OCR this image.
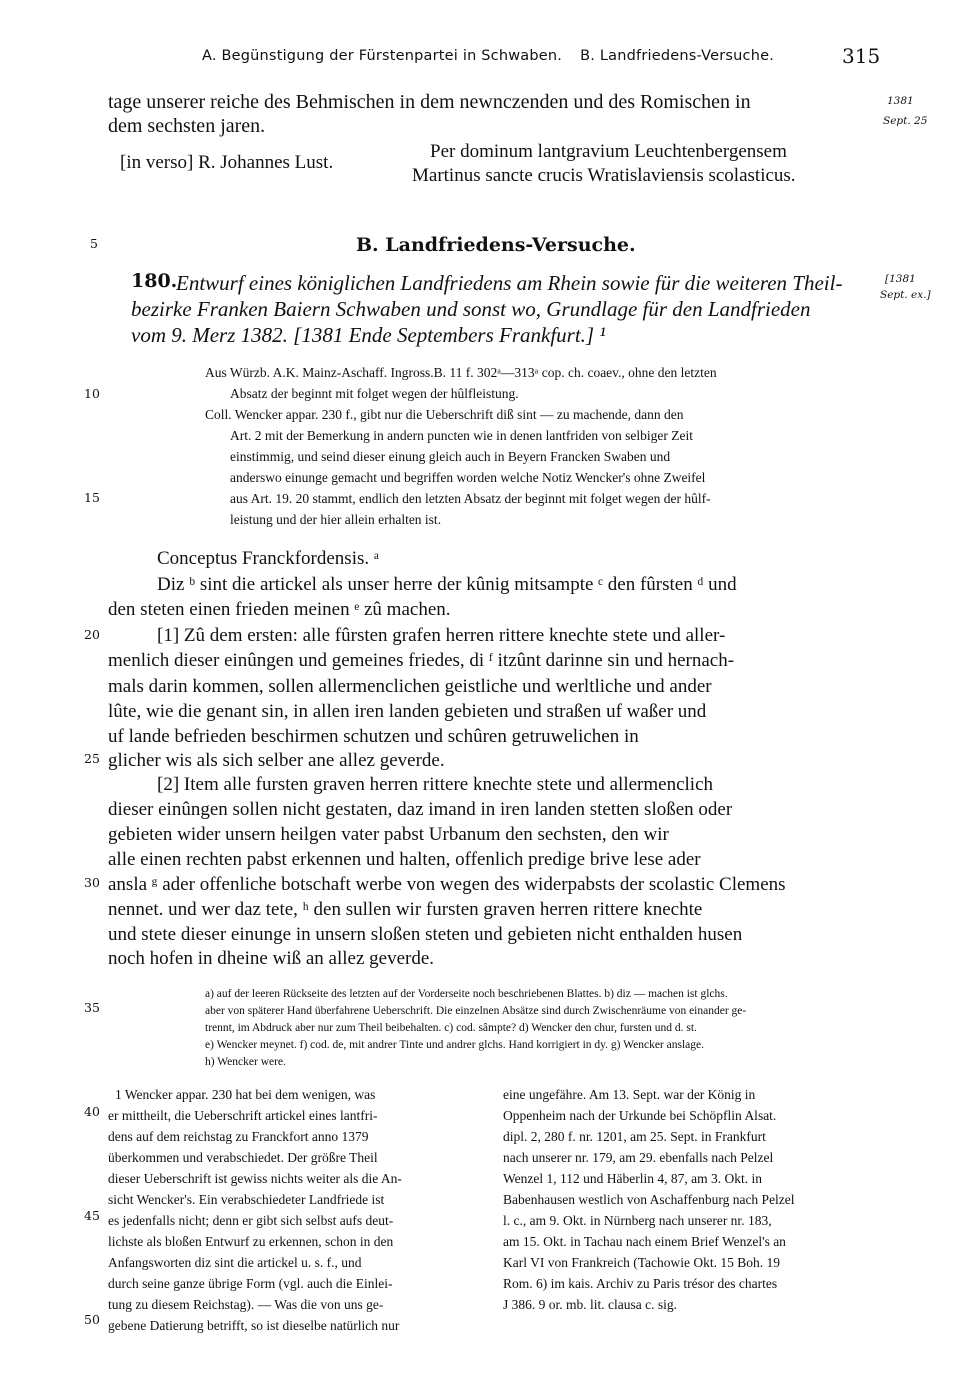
A. Begünstigung der Fürstenpartei in Schwaben. B. Landfriedens-Versuche.	315
tage unserer reiche des Behmischen in dem newnczenden und des Romischen in
dem sechsten jaren.
1381
Sept. 25
[in verso] R. Johannes Lust.
Per dominum lantgravium Leuchtenbergensem
Martinus sancte crucis Wratislaviensis scolasticus.
5
10
15
20
25
30
35
40
45
50
B. Landfriedens-Versuche.
180.
Entwurf eines königlichen Landfriedens am Rhein sowie für die weiteren Theil-
bezirke Franken Baiern Schwaben und sonst wo, Grundlage für den Landfrieden
vom 9. Merz 1382. [1381 Ende Septembers Frankfurt.] ¹
[1381
Sept. ex.]
Aus Würzb. A.K. Mainz-Aschaff. Ingross.B. 11 f. 302ᵃ—313ᵃ cop. ch. coaev., ohne den letzten
Absatz der beginnt mit folget wegen der hûlfleistung.
Coll. Wencker appar. 230 f., gibt nur die Ueberschrift diß sint — zu machende, dann den
Art. 2 mit der Bemerkung in andern puncten wie in denen lantfriden von selbiger Zeit
einstimmig, und seind dieser einung gleich auch in Beyern Francken Swaben und
anderswo einunge gemacht und begriffen worden welche Notiz Wencker's ohne Zweifel
aus Art. 19. 20 stammt, endlich den letzten Absatz der beginnt mit folget wegen der hûlf-
leistung und der hier allein erhalten ist.
Conceptus Franckfordensis. ᵃ
Diz ᵇ sint die artickel als unser herre der kûnig mitsampte ᶜ den fûrsten ᵈ und
den steten einen frieden meinen ᵉ zû machen.
[1] Zû dem ersten: alle fûrsten grafen herren rittere knechte stete und aller-
menlich dieser einûngen und gemeines friedes, di ᶠ itzûnt darinne sin und hernach-
mals darin kommen, sollen allermenclichen geistliche und werltliche und ander
lûte, wie die genant sin, in allen iren landen gebieten und straßen uf waßer und
uf lande befrieden beschirmen schutzen und schûren getruwelichen in
glicher wis als sich selber ane allez geverde.
[2] Item alle fursten graven herren rittere knechte stete und allermenclich
dieser einûngen sollen nicht gestaten, daz imand in iren landen stetten sloßen oder
gebieten wider unsern heilgen vater pabst Urbanum den sechsten, den wir
alle einen rechten pabst erkennen und halten, offenlich predige brive lese ader
ansla ᵍ ader offenliche botschaft werbe von wegen des widerpabsts der scolastic Clemens
nennet. und wer daz tete, ʰ den sullen wir fursten graven herren rittere knechte
und stete dieser einunge in unsern sloßen steten und gebieten nicht enthalden husen
noch hofen in dheine wiß an allez geverde.
a) auf der leeren Rückseite des letzten auf der Vorderseite noch beschriebenen Blattes. b) diz — machen ist glchs.
aber von späterer Hand überfahrene Ueberschrift. Die einzelnen Absätze sind durch Zwischenräume von einander ge-
trennt, im Abdruck aber nur zum Theil beibehalten. c) cod. sâmpte? d) Wencker den chur, fursten und d. st.
e) Wencker meynet. f) cod. de, mit andrer Tinte und andrer glchs. Hand korrigiert in dy. g) Wencker anslage.
h) Wencker were.
1 Wencker appar. 230 hat bei dem wenigen, was
er mittheilt, die Ueberschrift artickel eines lantfri-
dens auf dem reichstag zu Franckfort anno 1379
überkommen und verabschiedet. Der größre Theil
dieser Ueberschrift ist gewiss nichts weiter als die An-
sicht Wencker's. Ein verabschiedeter Landfriede ist
es jedenfalls nicht; denn er gibt sich selbst aufs deut-
lichste als bloßen Entwurf zu erkennen, schon in den
Anfangsworten diz sint die artickel u. s. f., und
durch seine ganze übrige Form (vgl. auch die Einlei-
tung zu diesem Reichstag). — Was die von uns ge-
gebene Datierung betrifft, so ist dieselbe natürlich nur
eine ungefähre. Am 13. Sept. war der König in
Oppenheim nach der Urkunde bei Schöpflin Alsat.
dipl. 2, 280 f. nr. 1201, am 25. Sept. in Frankfurt
nach unserer nr. 179, am 29. ebenfalls nach Pelzel
Wenzel 1, 112 und Häberlin 4, 87, am 3. Okt. in
Babenhausen westlich von Aschaffenburg nach Pelzel
l. c., am 9. Okt. in Nürnberg nach unserer nr. 183,
am 15. Okt. in Tachau nach einem Brief Wenzel's an
Karl VI von Frankreich (Tachowie Okt. 15 Boh. 19
Rom. 6) im kais. Archiv zu Paris trésor des chartes
J 386. 9 or. mb. lit. clausa c. sig.
